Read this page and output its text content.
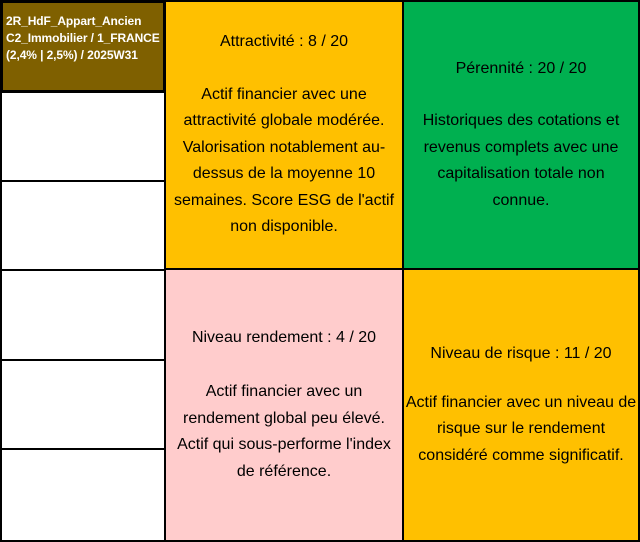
2R_HdF_Appart_Ancien
C2_Immobilier / 1_FRANCE
(2,4% | 2,5%) / 2025W31
Attractivité : 8 / 20
Actif financier avec une
attractivité globale modérée.
Valorisation notablement au-
dessus de la moyenne 10
semaines. Score ESG de l'actif
non disponible.
Pérennité : 20 / 20
Historiques des cotations et
revenus complets avec une
capitalisation totale non
connue.
Niveau rendement : 4 / 20
Actif financier avec un
rendement global peu élevé.
Actif qui sous-performe l'index
de référence.
Niveau de risque : 11 / 20
Actif financier avec un niveau de
risque sur le rendement
considéré comme significatif.
